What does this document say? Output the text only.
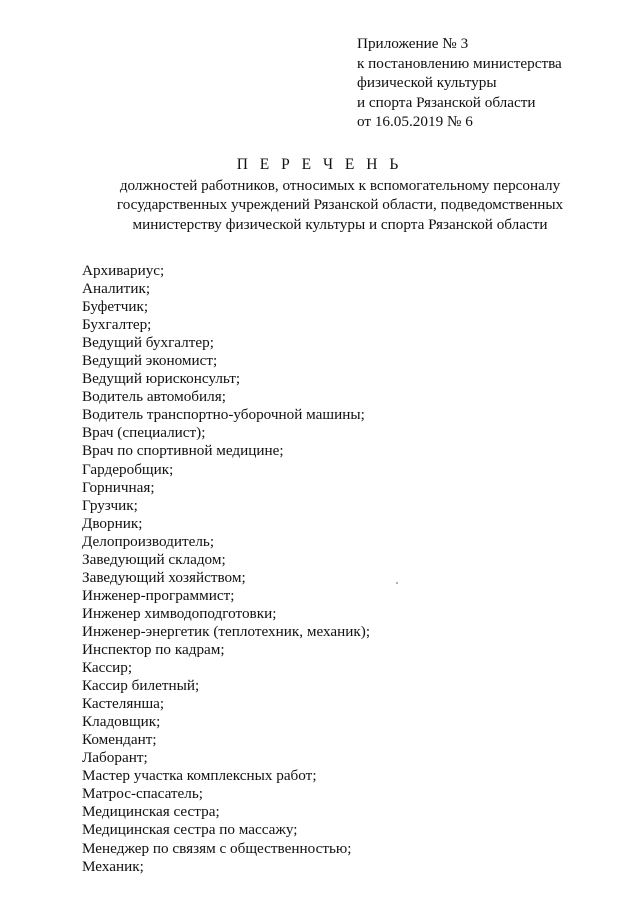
Приложение № 3
к постановлению министерства
физической культуры
и спорта Рязанской области
от 16.05.2019 № 6
П Е Р Е Ч Е Н Ь
должностей работников, относимых к вспомогательному персоналу
государственных учреждений Рязанской области, подведомственных
министерству физической культуры и спорта Рязанской области
Архивариус;
Аналитик;
Буфетчик;
Бухгалтер;
Ведущий бухгалтер;
Ведущий экономист;
Ведущий юрисконсульт;
Водитель автомобиля;
Водитель транспортно-уборочной машины;
Врач (специалист);
Врач по спортивной медицине;
Гардеробщик;
Горничная;
Грузчик;
Дворник;
Делопроизводитель;
Заведующий складом;
Заведующий хозяйством;
Инженер-программист;
Инженер химводоподготовки;
Инженер-энергетик (теплотехник, механик);
Инспектор по кадрам;
Кассир;
Кассир билетный;
Кастелянша;
Кладовщик;
Комендант;
Лаборант;
Мастер участка комплексных работ;
Матрос-спасатель;
Медицинская сестра;
Медицинская сестра по массажу;
Менеджер по связям с общественностью;
Механик;
